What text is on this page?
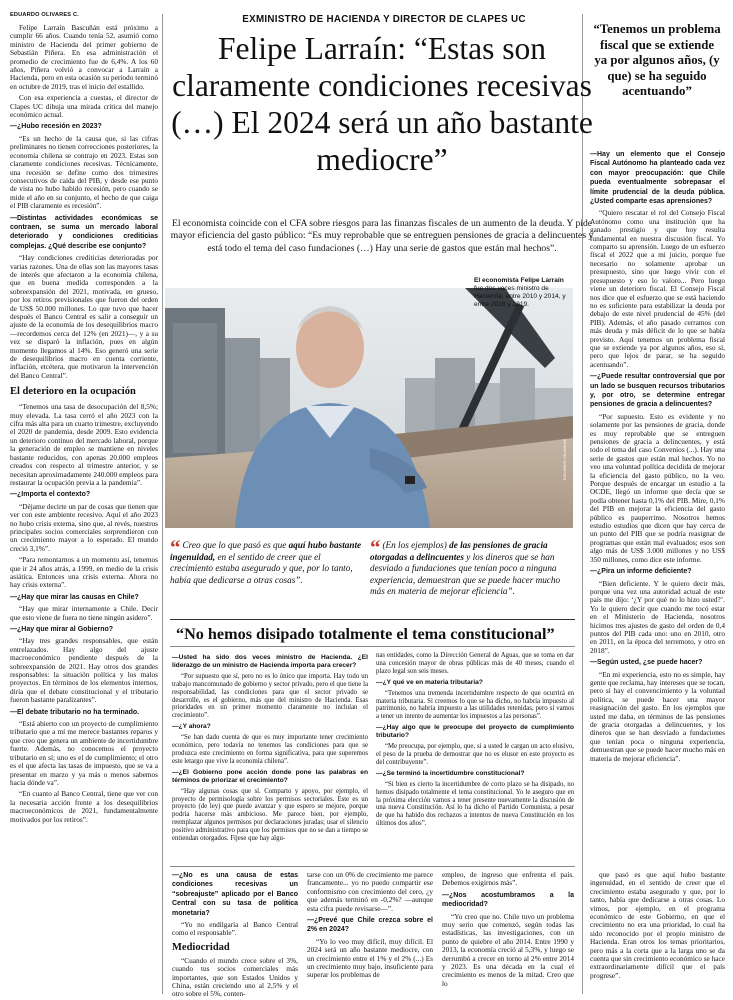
EDUARDO OLIVARES C.

Felipe Larraín Bascuñán está próximo a cumplir 66 años. Cuando tenía 52, asumió como ministro de Hacienda del primer gobierno de Sebastián Piñera. En esa administración el promedio de crecimiento fue de 6,4%. A los 60 años, Piñera volvió a convocar a Larraín a Hacienda, pero en esta ocasión su periodo terminó en octubre de 2019, tras el inicio del estallido.

Con esa experiencia a cuestas, el director de Clapes UC dibuja una mirada crítica del manejo económico actual.

—¿Hubo recesión en 2023?

“Es un hecho de la causa que, si las cifras preliminares no tienen correcciones posteriores, la economía chilena se contrajo en 2023. Estas son claramente condiciones recesivas. Técnicamente, una recesión se define como dos trimestres consecutivos de caída del PIB, y desde ese punto de vista no hubo habido recesión, pero cuando se mide el año en su conjunto, el hecho de que caiga el PIB claramente es recesión”.

—Distintas actividades económicas se contraen, se suma un mercado laboral deteriorado y condiciones crediticias complejas. ¿Qué describe ese conjunto?

“Hay condiciones crediticias deterioradas por varias razones. Una de ellas son las mayores tasas de interés que afectaron a la economía chilena, que en buena medida corresponden a la sobreexpansión del 2021, motivada, en grueso, por los retiros previsionales que fueron del orden de US$ 50.000 millones. Lo que tuvo que hacer después el Banco Central es salir a conseguir un ajuste de la economía de los desequilibrios macro —recordemos cerca del 12% (en 2021)—, y a su vez se disparó la inflación, pues en algún momento llegamos al 14%. Eso generó una serie de desequilibrios macro en cuenta corriente, inflación, etcétera, que motivaron la intervención del Banco Central”.

El deterioro en la ocupación

“Tenemos una tasa de desocupación del 8,5%; muy elevada. La tasa cerró el año 2023 con la cifra más alta para un cuarto trimestre, excluyendo el 2020 de pandemia, desde 2009. Esto evidencia un deterioro continuo del mercado laboral, porque la generación de empleo se mantiene en niveles bastante reducidos, con apenas 20.000 empleos creados con respecto al trimestre anterior, y se necesitan aproximadamente 240.000 empleos para restaurar la ocupación previa a la pandemia”.

—¿Importa el contexto?

“Déjame decirte un par de cosas que tienen que ver con este ambiente recesivo. Aquí el año 2023 no hubo crisis externa, sino que, al revés, nuestros principales socios comerciales sorprendieron con un crecimiento mayor a lo esperado. El mundo creció 3,1%”.

“Para remontarnos a un momento así, tenemos que ir 24 años atrás, a 1999, en medio de la crisis asiática. Entonces una crisis externa. Ahora no hay crisis externa”.

—¿Hay que mirar las causas en Chile?

“Hay que mirar internamente a Chile. Decir que esto viene de fuera no tiene ningún asidero”.

—¿Hay que mirar al Gobierno?

“Hay tres grandes responsables, que están entrelazados. Hay algo del ajuste macroeconómico pendiente después de la sobreexpansión de 2021. Hay otros dos grandes responsables: la situación política y los malos proyectos. En términos de los elementos internos, diría que el debate constitucional y el tributario fueron bastante paralizantes”.

—El debate tributario no ha terminado.

“Está abierto con un proyecto de cumplimiento tributario que a mí me merece bastantes reparos y que creo que genera un ambiente de incertidumbre fuerte. Además, no conocemos el proyecto tributario en sí; uno es el de cumplimiento; el otro es el que afecta las tasas de impuesto, que se va a presentar en marzo y ya más o menos sabemos hacia dónde va”.

“En cuanto al Banco Central, tiene que ver con la necesaria acción frente a los desequilibrios macroeconómicos de 2021, fundamentalmente motivados por los retiros”.

EXMINISTRO DE HACIENDA Y DIRECTOR DE CLAPES UC
Felipe Larraín: “Estas son claramente condiciones recesivas (…) El 2024 será un año bastante mediocre”
El economista coincide con el CFA sobre riesgos para las finanzas fiscales de un aumento de la deuda. Y pide mayor eficiencia del gasto público: “Es muy reprobable que se entreguen pensiones de gracia a delincuentes y está todo el tema del caso fundaciones (…) Hay una serie de gastos que están mal hechos”.
El economista Felipe Larraín fue dos veces ministro de Hacienda: entre 2010 y 2014, y entre 2018 y 2019.
EDUARDO SILVA/AGE
“ Creo que lo que pasó es que aquí hubo bastante ingenuidad, en el sentido de creer que el crecimiento estaba asegurado y que, por lo tanto, había que dedicarse a otras cosas”.
“ (En los ejemplos) de las pensiones de gracia otorgadas a delincuentes y los dineros que se han desviado a fundaciones que tenían poco a ninguna experiencia, demuestran que se puede hacer mucho más en materia de mejorar eficiencia”.
“No hemos disipado totalmente el tema constitucional”

—Usted ha sido dos veces ministro de Hacienda. ¿El liderazgo de un ministro de Hacienda importa para crecer?

“Por supuesto que sí, pero no es lo único que importa. Hay todo un trabajo mancomunado de gobierno y sector privado, pero el que tiene la responsabilidad, las condiciones para que el sector privado se desarrolle, es el gobierno, más que del ministro de Hacienda. Esas prioridades en un primer momento claramente no incluían el crecimiento”.

—¿Y ahora?

“Se han dado cuenta de que es muy importante tener crecimiento económico, pero todavía no tenemos las condiciones para que se produzca este crecimiento en forma significativa, para que superemos este letargo que vive la economía chilena”.

—¿El Gobierno pone acción donde pone las palabras en términos de priorizar el crecimiento?

“Hay algunas cosas que sí. Comparto y apoyo, por ejemplo, el proyecto de permisología sobre los permisos sectoriales. Este es un proyecto (de ley) que puede avanzar y que espero se mejore, porque podría hacerse más ambicioso. Me parece bien, por ejemplo, reemplazar algunos permisos por declaraciones juradas; usar el silencio positivo administrativo para que los permisos que no se dan a tiempo se entiendan otorgados. Fíjese que hay algu-

nas entidades, como la Dirección General de Aguas, que se toma en dar una concesión mayor de obras públicas más de 40 meses, cuando el plazo legal son seis meses.

—¿Y qué ve en materia tributaria?

“Tenemos una tremenda incertidumbre respecto de que ocurrirá en materia tributaria. Si creemos lo que se ha dicho, no habría impuesto al patrimonio, no habría impuesto a las utilidades retenidas, pero sí vamos a tener un intento de aumentar los impuestos a las personas”.

—¿Hay algo que le preocupe del proyecto de cumplimiento tributario?

“Me preocupa, por ejemplo, que, si a usted le cargan un acto elusivo, el peso de la prueba de demostrar que no es elusor en este proyecto es del contribuyente”.

—¿Se terminó la incertidumbre constitucional?

“Si bien es cierto la incertidumbre de corto plazo se ha disipado, no hemos disipado totalmente el tema constitucional. Yo le aseguro que en la próxima elección vamos a tener presente nuevamente la discusión de una nueva Constitución. Así lo ha dicho el Partido Comunista, a pesar de que ha habido dos rechazos a intentos de nueva Constitución en los últimos dos años”.

—¿No es una causa de estas condiciones recesivas un “sobreajuste” aplicado por el Banco Central con su tasa de política monetaria?

“Yo no endilgaría al Banco Central como el responsable”.

Mediocridad

“Cuando el mundo crece sobre el 3%, cuando tus socios comerciales más importantes, que son Estados Unidos y China, están creciendo uno al 2,5% y el otro sobre el 5%, conten-

tarse con un 0% de crecimiento me parece francamente... yo no puedo compartir ese conformismo con crecimiento del cero, ¿y que además terminó en -0,2%? —aunque esta cifra puede revisarse—”.

—¿Prevé que Chile crezca sobre el 2% en 2024?

“Yo lo veo muy difícil, muy difícil. El 2024 será un año bastante mediocre, con un crecimiento entre el 1% y el 2% (...) Es un crecimiento muy bajo, insuficiente para superar los problemas de

empleo, de ingreso que enfrenta el país. Debemos exigirnos más”.

—¿Nos acostumbramos a la mediocridad?

“Yo creo que no. Chile tuvo un problema muy serio que comenzó, según todas las estadísticas, las investigaciones, con un punto de quiebre el año 2014. Entre 1990 y 2013, la economía creció al 5,3%, y luego se derrumbó a crecer en torno al 2% entre 2014 y 2023. Es una década en la cual el crecimiento es menos de la mitad. Creo que lo

“Tenemos un problema fiscal que se extiende ya por algunos años, (y que) se ha seguido acentuando”

—Hay un elemento que el Consejo Fiscal Autónomo ha planteado cada vez con mayor preocupación: que Chile pueda eventualmente sobrepasar el límite prudencial de la deuda pública. ¿Usted comparte esas aprensiones?

“Quiero rescatar el rol del Consejo Fiscal Autónomo como una institución que ha ganado prestigio y que hoy resulta fundamental en nuestra discusión fiscal. Yo comparto su aprensión. Luego de un esfuerzo fiscal el 2022 que a mi juicio, porque fue necesario no solamente aprobar un presupuesto, sino que luego vivir con el presupuesto y eso lo valoro... Pero luego viene un deterioro fiscal. El Consejo Fiscal nos dice que el esfuerzo que se está haciendo no es suficiente para estabilizar la deuda por debajo de este nivel prudencial de 45% (del PIB). Además, el año pasado cerramos con más deuda y más déficit de lo que se había previsto. Aquí tenemos un problema fiscal que se extiende ya por algunos años, eso sí, pero que lejos de parar, se ha seguido acentuando”.

—¿Puede resultar controversial que por un lado se busquen recursos tributarios y, por otro, se determine entregar pensiones de gracia a delincuentes?

“Por supuesto. Esto es evidente y no solamente por las pensiones de gracia, donde es muy reprobable que se entreguen pensiones de gracia a delincuentes, y está todo el tema del caso Convenios (...). Hay una serie de gastos que están mal hechos. Yo no veo una voluntad política decidida de mejorar la eficiencia del gasto público, no la veo. Porque después de encargar un estudio a la OCDE, llegó un informe que decía que se podía obtener hasta 0,1% del PIB. Mire, 0,1% del PIB en mejorar la eficiencia del gasto público es pauperrimo. Nosotros hemos estudio estudios que dicen que hay cerca de un punto del PIB que se podría reasignar de programas que están mal evaluados; esos son algo más de US$ 3.000 millones y no US$ 350 millones, como dice este informe.

—¿Pira un informe deficiente?

“Bien deficiente. Y le quiero decir más, porque una vez una autoridad actual de este país me dijo: ‘¿Y por qué no lo hizo usted?’. Yo le quiero decir que cuando me tocó estar en el Ministerio de Hacienda, nosotros hicimos tres ajustes de gasto del orden de 0,4 puntos del PIB cada uno: uno en 2010, otro en 2011, en la época del terremoto, y otro en 2018”.

—Según usted, ¿se puede hacer?

“En mi experiencia, esto no es simple, hay gente que reclama, hay intereses que se tocan, pero si hay el convencimiento y la voluntad política, se puede hacer una mayor reasignación del gasto. En los ejemplos que usted me daba, en términos de las pensiones de gracia otorgadas a delincuentes, y los dineros que se han desviado a fundaciones que tenían poca o ninguna experiencia, demuestran que se puede hacer mucho más en materia de mejorar eficiencia”.

que pasó es que aquí hubo bastante ingenuidad, en el sentido de creer que el crecimiento estaba asegurado y que, por lo tanto, había que dedicarse a otras cosas. Lo vimos, por ejemplo, en el programa económico de este Gobierno, en que el crecimiento no era una prioridad, lo cual ha sido reconocido por el propio ministro de Hacienda. Eran otros los temas prioritarios, pero más a la corta que a la larga uno se da cuenta que sin crecimiento económico se hace extraordinariamente difícil que el país progrese”.
